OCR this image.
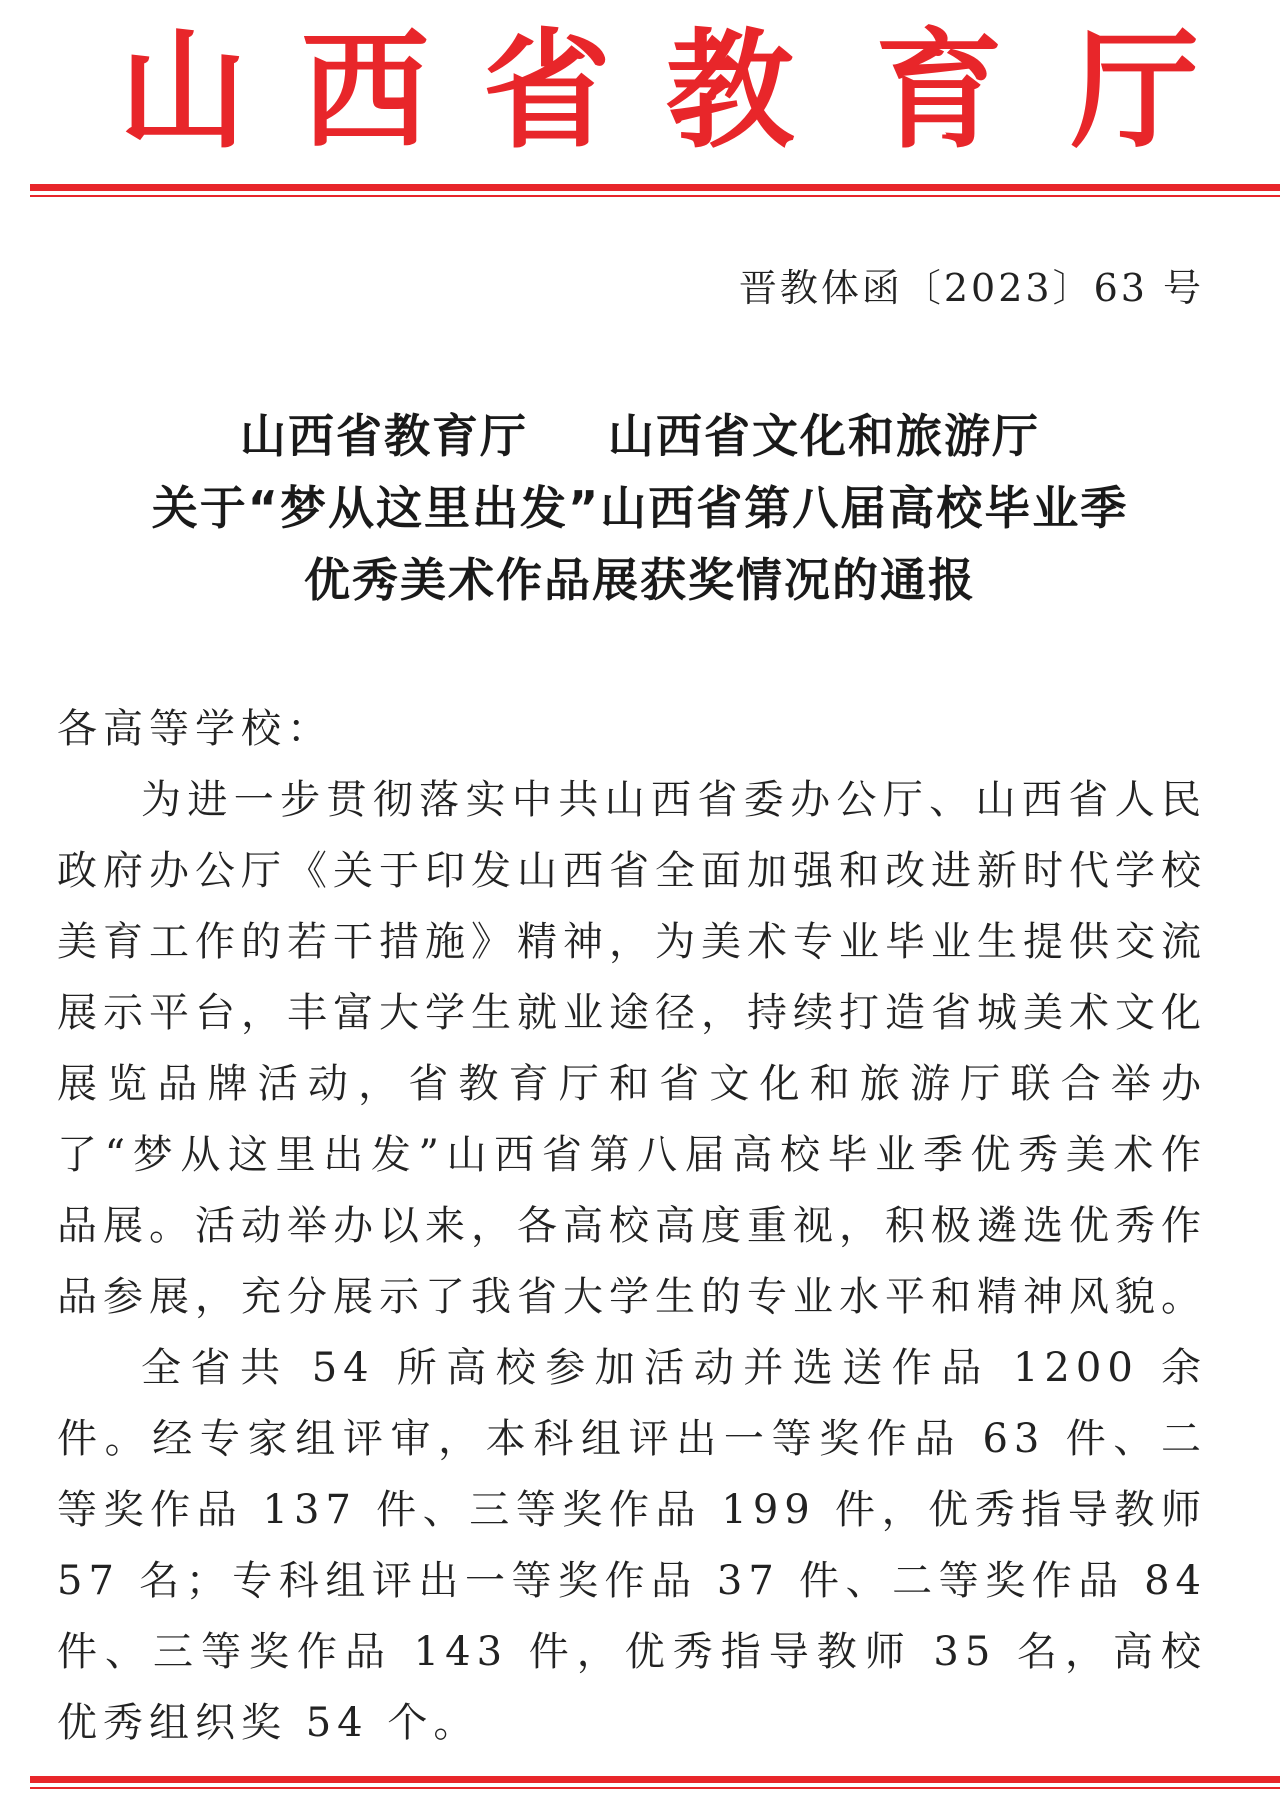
山 西 省 教 育 厅
晋教体函〔2023〕63 号
山西省教育厅 山西省文化和旅游厅
关于“梦从这里出发”山西省第八届高校毕业季
优秀美术作品展获奖情况的通报

各高等学校：

为进一步贯彻落实中共山西省委办公厅、山西省人民政府办公厅《关于印发山西省全面加强和改进新时代学校美育工作的若干措施》精神，为美术专业毕业生提供交流展示平台，丰富大学生就业途径，持续打造省城美术文化展览品牌活动，省教育厅和省文化和旅游厅联合举办了“梦从这里出发”山西省第八届高校毕业季优秀美术作品展。活动举办以来，各高校高度重视，积极遴选优秀作品参展，充分展示了我省大学生的专业水平和精神风貌。

全省共 54 所高校参加活动并选送作品 1200 余件。经专家组评审，本科组评出一等奖作品 63 件、二等奖作品 137 件、三等奖作品 199 件，优秀指导教师 57 名；专科组评出一等奖作品 37 件、二等奖作品 84 件、三等奖作品 143 件，优秀指导教师 35 名，高校优秀组织奖 54 个。
